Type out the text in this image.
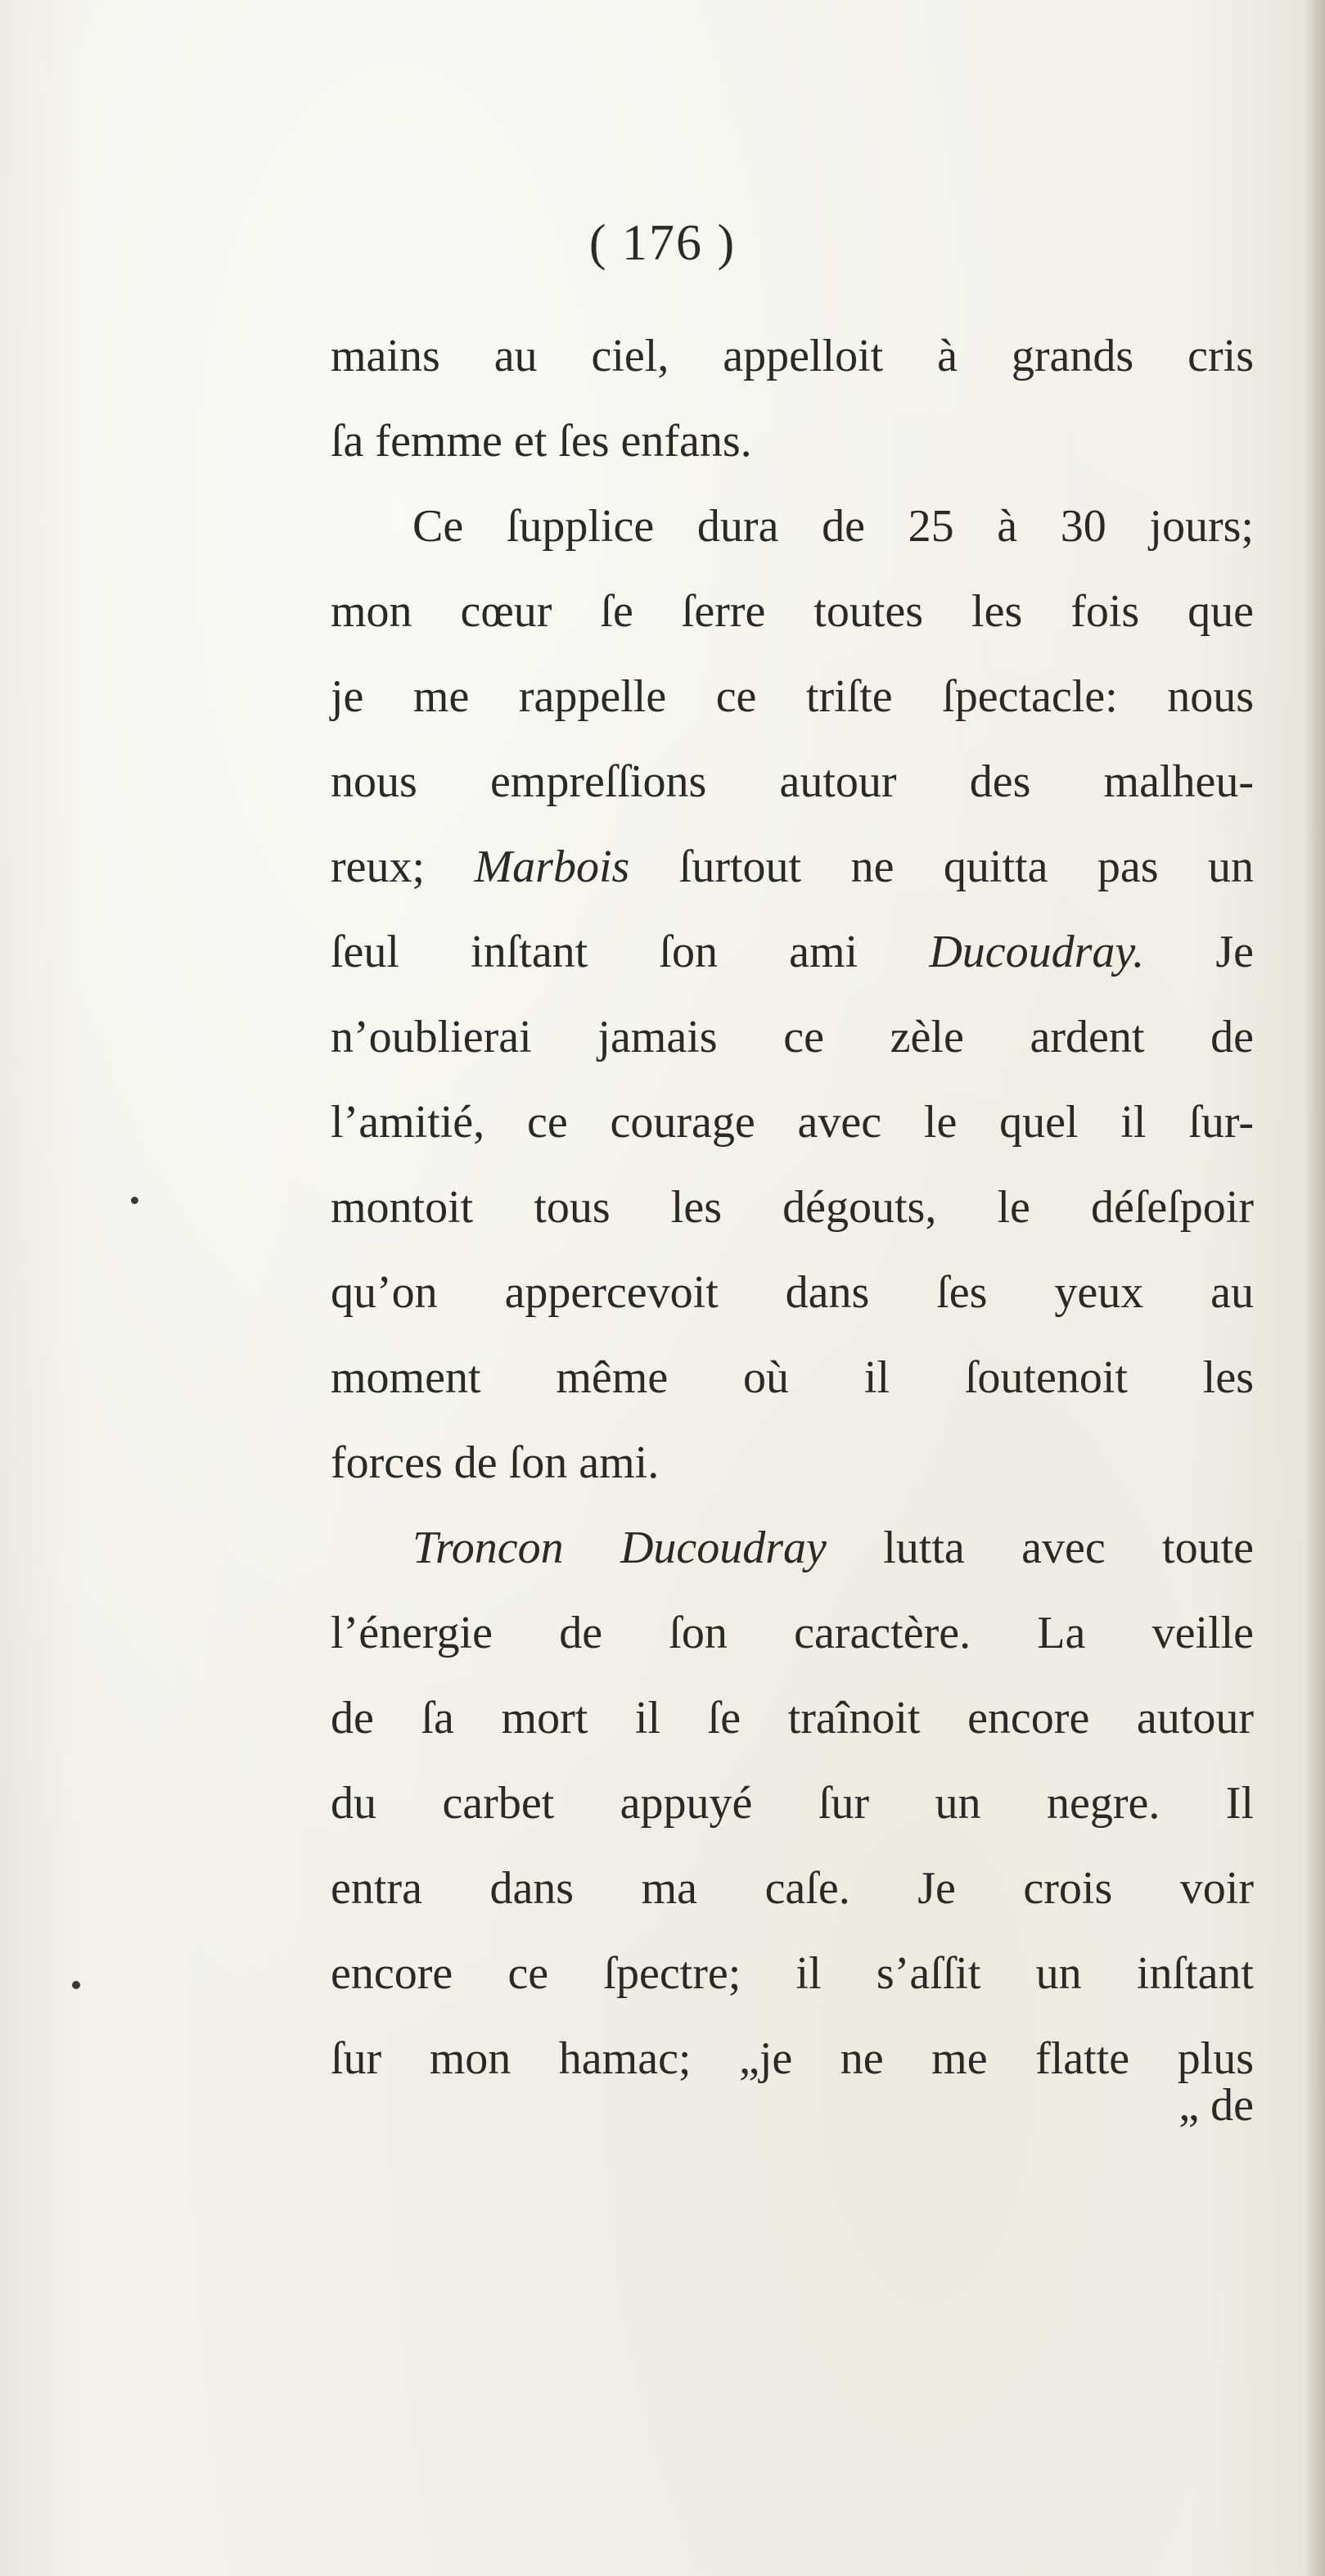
( 176 )
mains au ciel, appelloit à grands cris
ſa femme et ſes enfans.
Ce ſupplice dura de 25 à 30 jours;
mon cœur ſe ſerre toutes les fois que
je me rappelle ce triſte ſpectacle: nous
nous empreſſions autour des malheu-
reux; Marbois ſurtout ne quitta pas un
ſeul inſtant ſon ami Ducoudray. Je
n’oublierai jamais ce zèle ardent de
l’amitié, ce courage avec le quel il ſur-
montoit tous les dégouts, le déſeſpoir
qu’on appercevoit dans ſes yeux au
moment même où il ſoutenoit les
forces de ſon ami.
Troncon Ducoudray lutta avec toute
l’énergie de ſon caractère. La veille
de ſa mort il ſe traînoit encore autour
du carbet appuyé ſur un negre. Il
entra dans ma caſe. Je crois voir
encore ce ſpectre; il s’aſſit un inſtant
ſur mon hamac; „je ne me flatte plus
„ de
